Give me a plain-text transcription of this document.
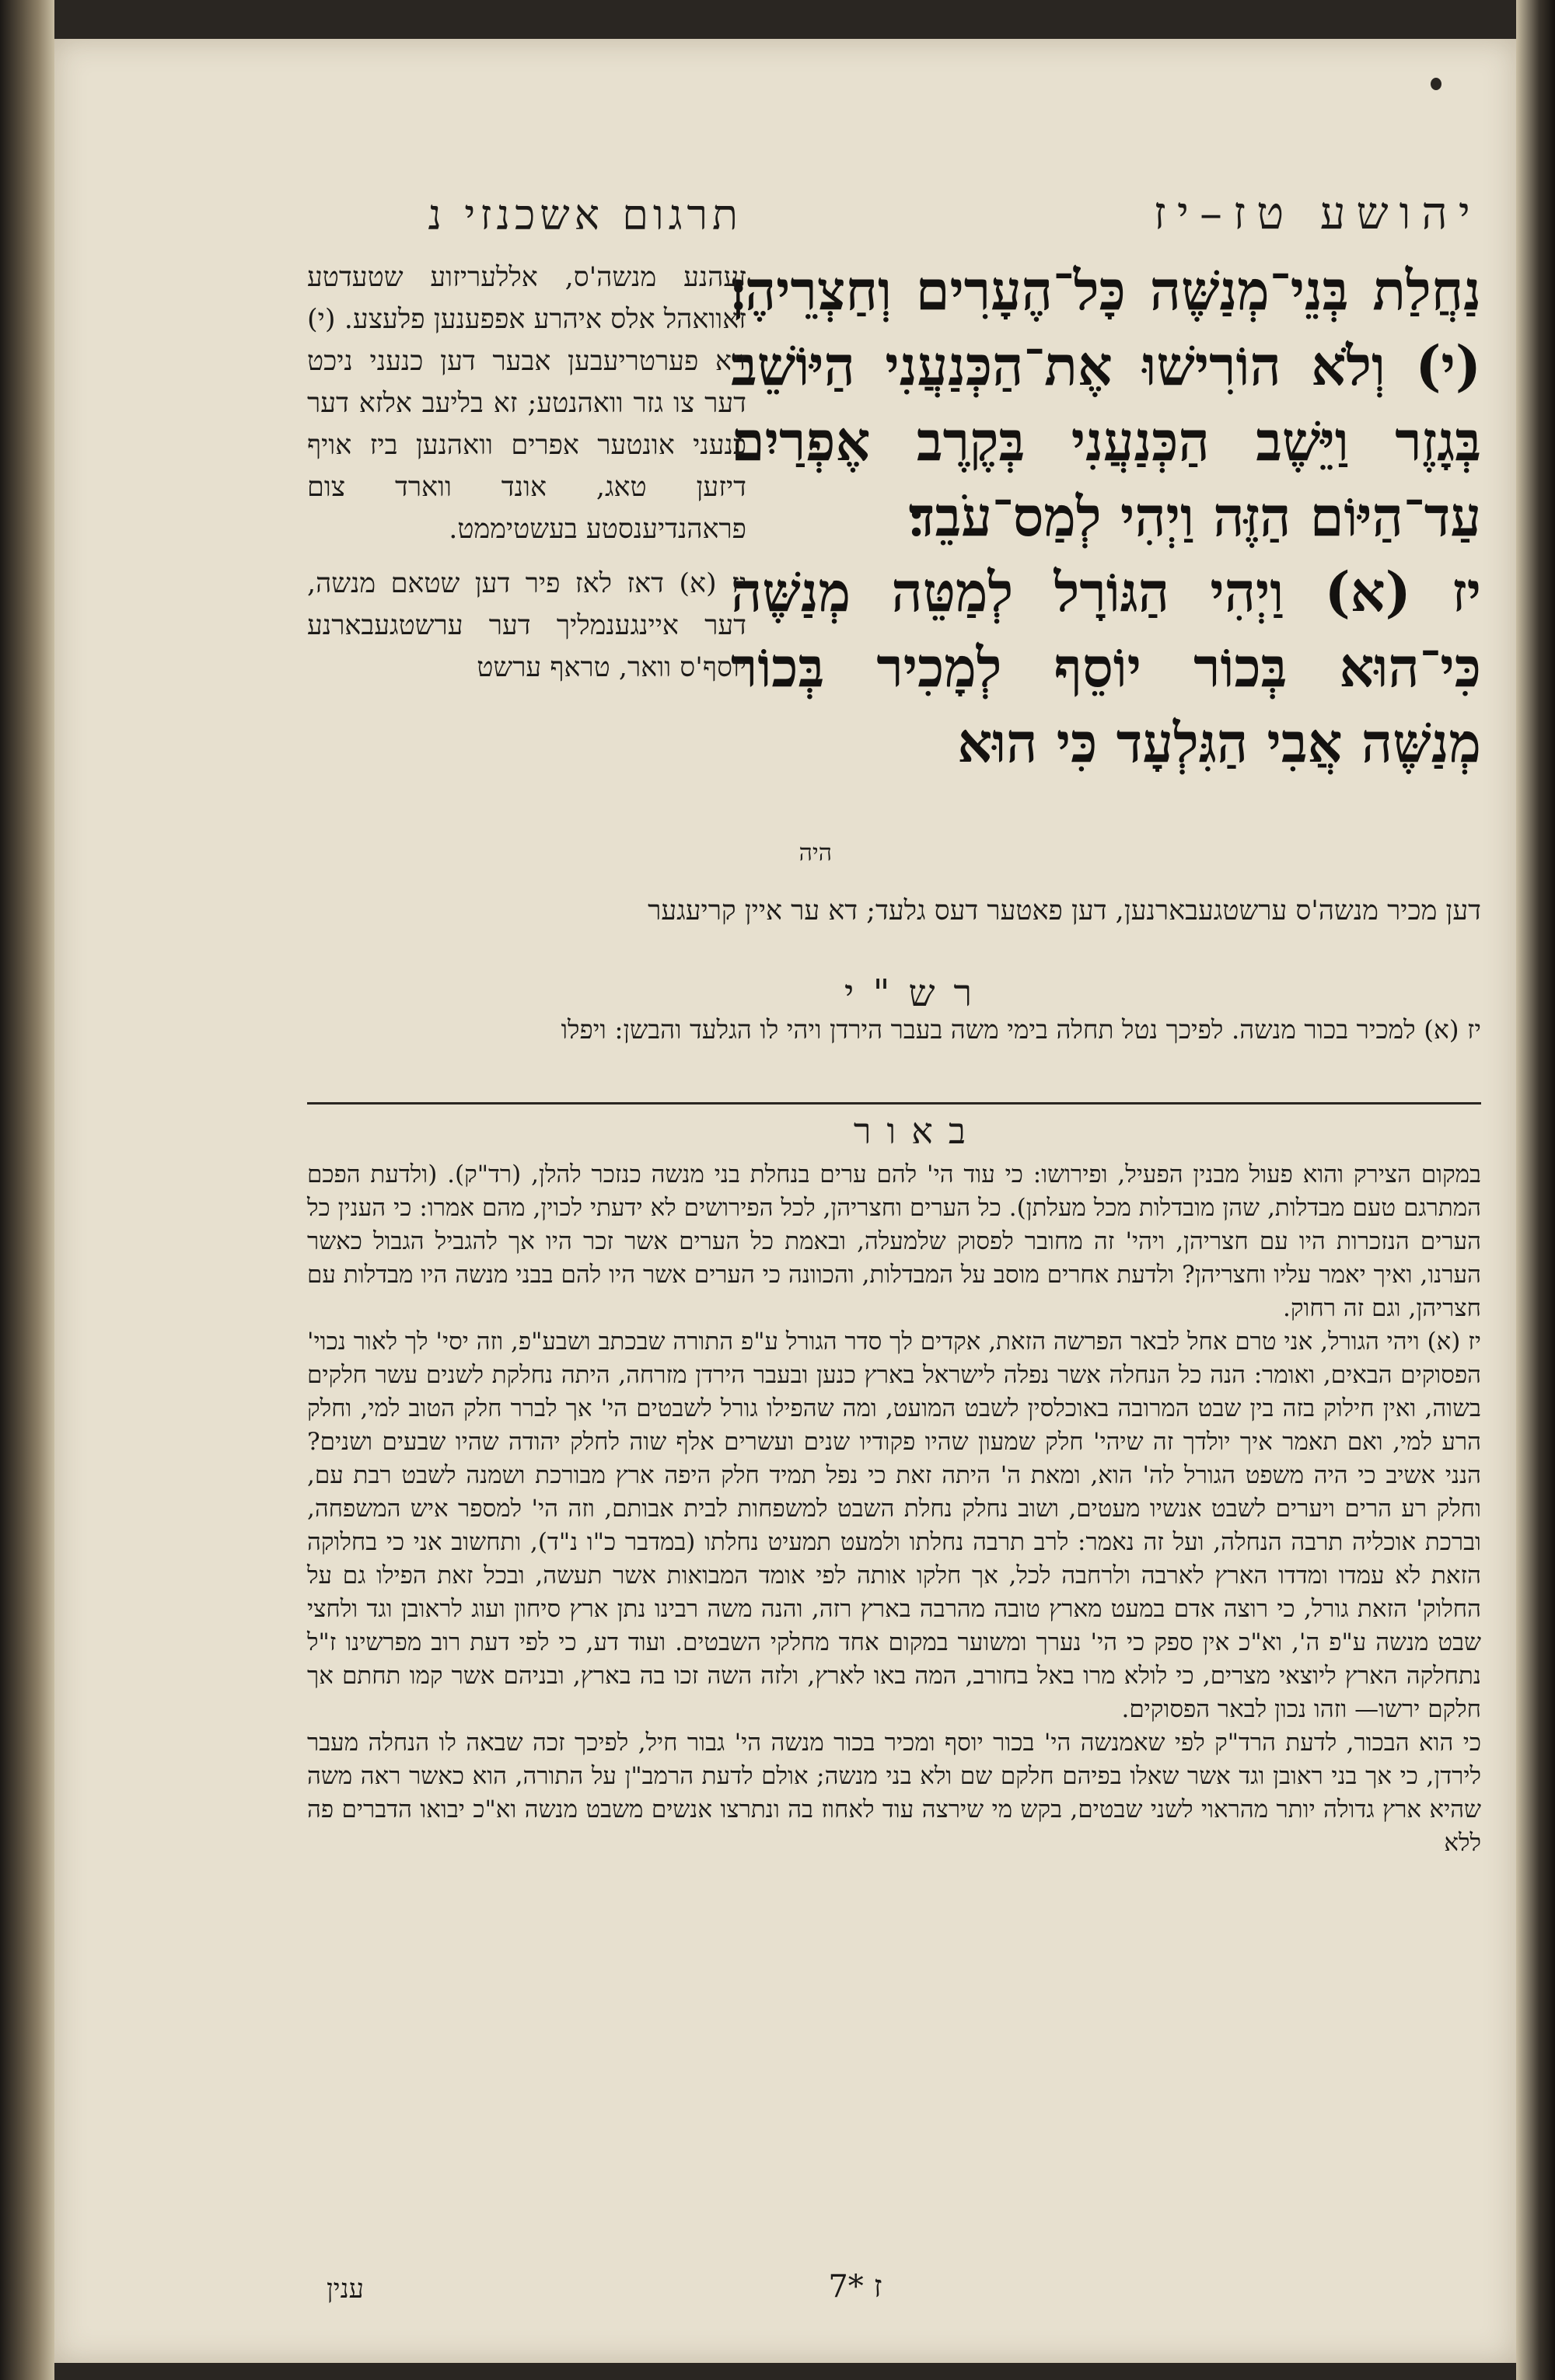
יהושע טז–יז
תרגום אשכנזי נ

נַחֲלַת בְּנֵי־מְנַשֶּׁה כָּל־הֶעָרִים וְחַצְרֵיהֶן׃ (י) וְלֹא הוֹרִישׁוּ אֶת־הַכְּנַעֲנִי הַיּוֹשֵׁב בְּגָזֶר וַיֵּשֶׁב הַכְּנַעֲנִי בְּקֶרֶב אֶפְרַיִם עַד־הַיּוֹם הַזֶּה וַיְהִי לְמַס־עֹבֵד׃

יז (א) וַיְהִי הַגּוֹרָל לְמַטֵּה מְנַשֶּׁה כִּי־הוּא בְּכוֹר יוֹסֵף לְמָכִיר בְּכוֹר מְנַשֶּׁה אֲבִי הַגִּלְעָד כִּי הוּא

היה

זעהנע מנשה'ס, אללעריזוע שטעדטע זאוואהל אלס איהרע אפפענען פלעצע. (י) זיא פערטריעבען אבער דען כנעני ניכט דער צו גזר וואהנטע; זא בליעב אלזא דער כנעני אונטער אפרים וואהנען ביז אויף דיזען טאג, אונד ווארד צום פראהנדיענסטע בעשטיממט.

יז (א) דאז לאז פיר דען שטאם מנשה, דער איינגענמליך דער ערשטגעבארנע יוסף'ס וואר, טראף ערשט

דען מכיר מנשה'ס ערשטגעבארנען, דען פאטער דעס גלעד; דא ער איין קריעגער
רש"י
יז (א) למכיר בכור מנשה. לפיכך נטל תחלה בימי משה בעבר הירדן ויהי לו הגלעד והבשן: ויפלו
באור

במקום הצירק והוא פעול מבנין הפעיל, ופירושו: כי עוד הי' להם ערים בנחלת בני מנשה כנזכר להלן, (רד"ק). (ולדעת הפכם המתרגם טעם מבדלות, שהן מובדלות מכל מעלתן). כל הערים וחצריהן, לכל הפירושים לא ידעתי לכוין, מהם אמרו: כי הענין כל הערים הנזכרות היו עם חצריהן, ויהי' זה מחובר לפסוק שלמעלה, ובאמת כל הערים אשר זכר היו אך להגביל הגבול כאשר הערנו, ואיך יאמר עליו וחצריהן? ולדעת אחרים מוסב על המבדלות, והכוונה כי הערים אשר היו להם בבני מנשה היו מבדלות עם חצריהן, וגם זה רחוק.

יז (א) ויהי הגורל, אני טרם אחל לבאר הפרשה הזאת, אקדים לך סדר הגורל ע"פ התורה שבכתב ושבע"פ, וזה יסי' לך לאור נכוי' הפסוקים הבאים, ואומר: הנה כל הנחלה אשר נפלה לישראל בארץ כנען ובעבר הירדן מזרחה, היתה נחלקת לשנים עשר חלקים בשוה, ואין חילוק בזה בין שבט המרובה באוכלסין לשבט המועט, ומה שהפילו גורל לשבטים הי' אך לברר חלק הטוב למי, וחלק הרע למי, ואם תאמר איך יולדך זה שיהי' חלק שמעון שהיו פקודיו שנים ועשרים אלף שוה לחלק יהודה שהיו שבעים ושנים? הנני אשיב כי היה משפט הגורל לה' הוא, ומאת ה' היתה זאת כי נפל תמיד חלק היפה ארץ מבורכת ושמנה לשבט רבת עם, וחלק רע הרים ויערים לשבט אנשיו מעטים, ושוב נחלק נחלת השבט למשפחות לבית אבותם, וזה הי' למספר איש המשפחה, וברכת אוכליה תרבה הנחלה, ועל זה נאמר: לרב תרבה נחלתו ולמעט תמעיט נחלתו (במדבר כ"ו נ"ד), ותחשוב אני כי בחלוקה הזאת לא עמדו ומדדו הארץ לארבה ולרחבה לכל, אך חלקו אותה לפי אומד המבואות אשר תעשה, ובכל זאת הפילו גם על החלוק' הזאת גורל, כי רוצה אדם במעט מארץ טובה מהרבה בארץ רזה, והנה משה רבינו נתן ארץ סיחון ועוג לראובן וגד ולחצי שבט מנשה ע"פ ה', וא"כ אין ספק כי הי' נערך ומשוער במקום אחד מחלקי השבטים. ועוד דע, כי לפי דעת רוב מפרשינו ז"ל נתחלקה הארץ ליוצאי מצרים, כי לולא מרו באל בחורב, המה באו לארץ, ולזה השה זכו בה בארץ, ובניהם אשר קמו תחתם אך חלקם ירשו— וזהו נכון לבאר הפסוקים.

כי הוא הבכור, לדעת הרד"ק לפי שאמנשה הי' בכור יוסף ומכיר בכור מנשה הי' גבור חיל, לפיכך זכה שבאה לו הנחלה מעבר לירדן, כי אך בני ראובן וגד אשר שאלו בפיהם חלקם שם ולא בני מנשה; אולם לדעת הרמב"ן על התורה, הוא כאשר ראה משה שהיא ארץ גדולה יותר מהראוי לשני שבטים, בקש מי שירצה עוד לאחוז בה ונתרצו אנשים משבט מנשה וא"כ יבואו הדברים פה ללא

ענין	ז *7
